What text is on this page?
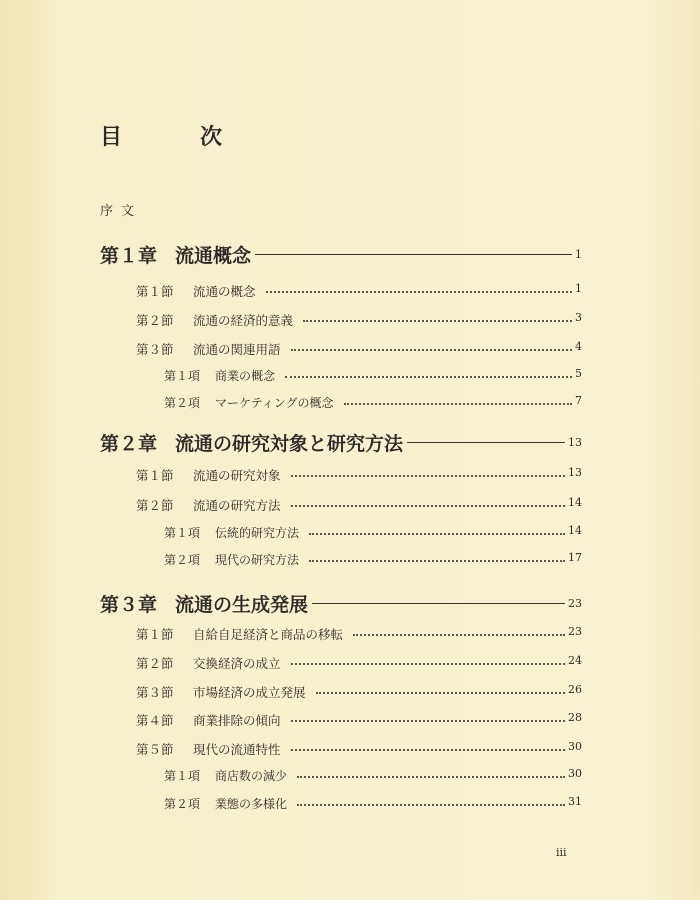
目　次
序文
第１章 流通概念	1
第１節 流通の概念	1
第２節 流通の経済的意義	3
第３節 流通の関連用語	4
第１項 商業の概念	5
第２項 マーケティングの概念	7
第２章 流通の研究対象と研究方法	13
第１節 流通の研究対象	13
第２節 流通の研究方法	14
第１項 伝統的研究方法	14
第２項 現代の研究方法	17
第３章 流通の生成発展	23
第１節 自給自足経済と商品の移転	23
第２節 交換経済の成立	24
第３節 市場経済の成立発展	26
第４節 商業排除の傾向	28
第５節 現代の流通特性	30
第１項 商店数の減少	30
第２項 業態の多様化	31
iii
